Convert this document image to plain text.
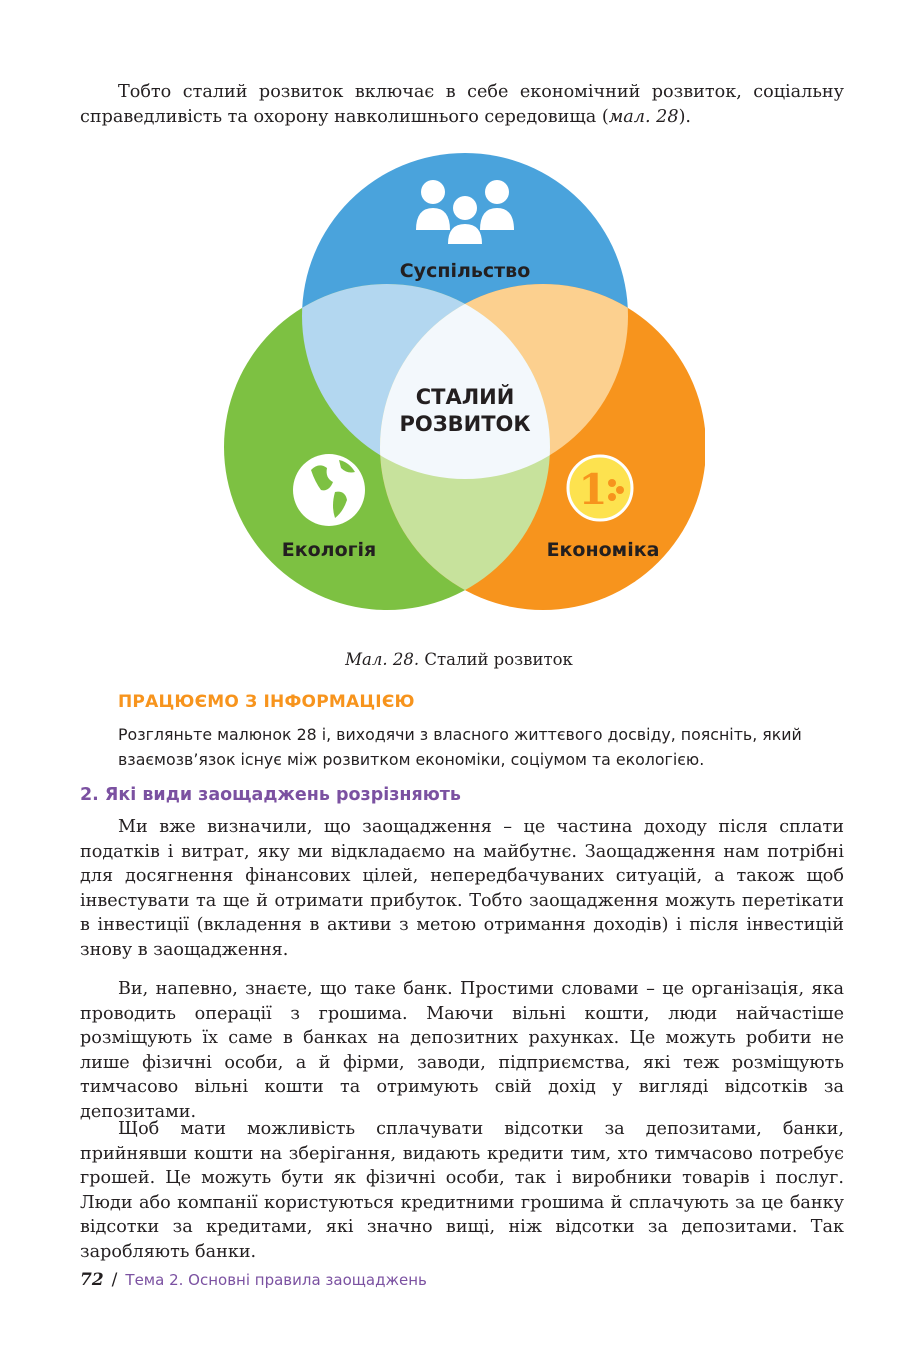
Тобто сталий розвиток включає в себе економічний розвиток, соціальну справедливість та охорону навколишнього середовища (мал. 28).

1
Суспільство
Екологія	Економіка
СТАЛИЙ
РОЗВИТОК
Мал. 28. Сталий розвиток
ПРАЦЮЄМО З ІНФОРМАЦІЄЮ

Розгляньте малюнок 28 і, виходячи з власного життєвого досвіду, поясніть, який взаємозв’язок існує між розвитком економіки, соціумом та екологією.

2. Які види заощаджень розрізняють

Ми вже визначили, що заощадження – це частина доходу після сплати податків і витрат, яку ми відкладаємо на майбутнє. Заощадження нам потрібні для досягнення фінансових цілей, непередбачуваних ситуацій, а також щоб інвестувати та ще й отримати прибуток. Тобто заощадження можуть перетікати в інвестиції (вкладення в активи з метою отримання доходів) і після інвестицій знову в заощадження.

Ви, напевно, знаєте, що таке банк. Простими словами – це організація, яка проводить операції з грошима. Маючи вільні кошти, люди найчастіше розміщують їх саме в банках на депозитних рахунках. Це можуть робити не лише фізичні особи, а й фірми, заводи, підприємства, які теж розміщують тимчасово вільні кошти та отримують свій дохід у вигляді відсотків за депозитами.

Щоб мати можливість сплачувати відсотки за депозитами, банки, прийнявши кошти на зберігання, видають кредити тим, хто тимчасово потребує грошей. Це можуть бути як фізичні особи, так і виробники товарів і послуг. Люди або компанії користуються кредитними грошима й сплачують за це банку відсотки за кредитами, які значно вищі, ніж відсотки за депозитами. Так заробляють банки.

72 / Тема 2. Основні правила заощаджень
